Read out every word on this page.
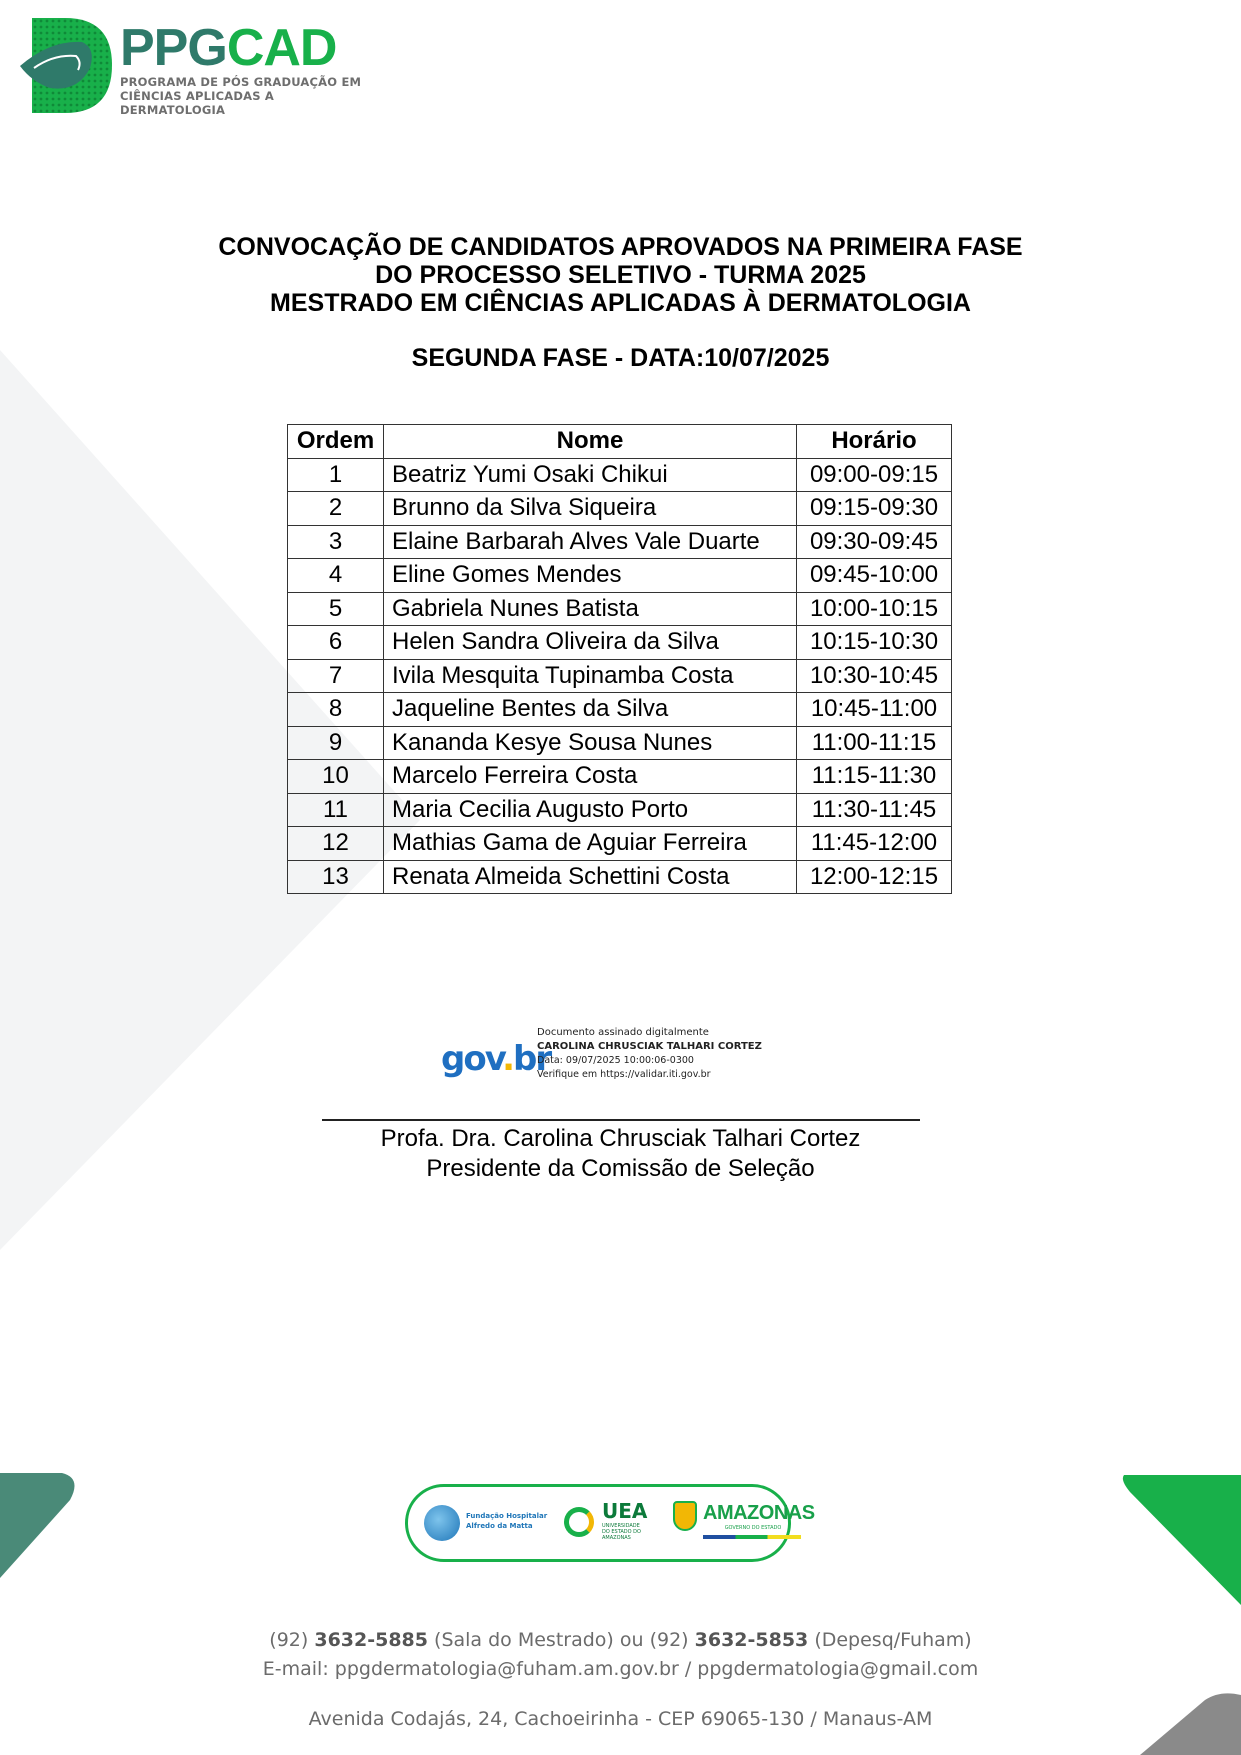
PPGCAD
PROGRAMA DE PÓS GRADUAÇÃO EM
CIÊNCIAS APLICADAS A DERMATOLOGIA
CONVOCAÇÃO DE CANDIDATOS APROVADOS NA PRIMEIRA FASE
DO PROCESSO SELETIVO - TURMA 2025
MESTRADO EM CIÊNCIAS APLICADAS À DERMATOLOGIA
SEGUNDA FASE - DATA:10/07/2025
Ordem	Nome	Horário
1	Beatriz Yumi Osaki Chikui	09:00-09:15
2	Brunno da Silva Siqueira	09:15-09:30
3	Elaine Barbarah Alves Vale Duarte	09:30-09:45
4	Eline Gomes Mendes	09:45-10:00
5	Gabriela Nunes Batista	10:00-10:15
6	Helen Sandra Oliveira da Silva	10:15-10:30
7	Ivila Mesquita Tupinamba Costa	10:30-10:45
8	Jaqueline Bentes da Silva	10:45-11:00
9	Kananda Kesye Sousa Nunes	11:00-11:15
10	Marcelo Ferreira Costa	11:15-11:30
11	Maria Cecilia Augusto Porto	11:30-11:45
12	Mathias Gama de Aguiar Ferreira	11:45-12:00
13	Renata Almeida Schettini Costa	12:00-12:15
gov.br
Documento assinado digitalmente
CAROLINA CHRUSCIAK TALHARI CORTEZ
Data: 09/07/2025 10:00:06-0300
Verifique em https://validar.iti.gov.br
Profa. Dra. Carolina Chrusciak Talhari Cortez
Presidente da Comissão de Seleção
Fundação Hospitalar
Alfredo da Matta
UEA
UNIVERSIDADE DO ESTADO DO AMAZONAS
AMAZONAS
GOVERNO DO ESTADO
(92) 3632-5885 (Sala do Mestrado) ou (92) 3632-5853 (Depesq/Fuham)
E-mail: ppgdermatologia@fuham.am.gov.br / ppgdermatologia@gmail.com
Avenida Codajás, 24, Cachoeirinha - CEP 69065-130 / Manaus-AM
